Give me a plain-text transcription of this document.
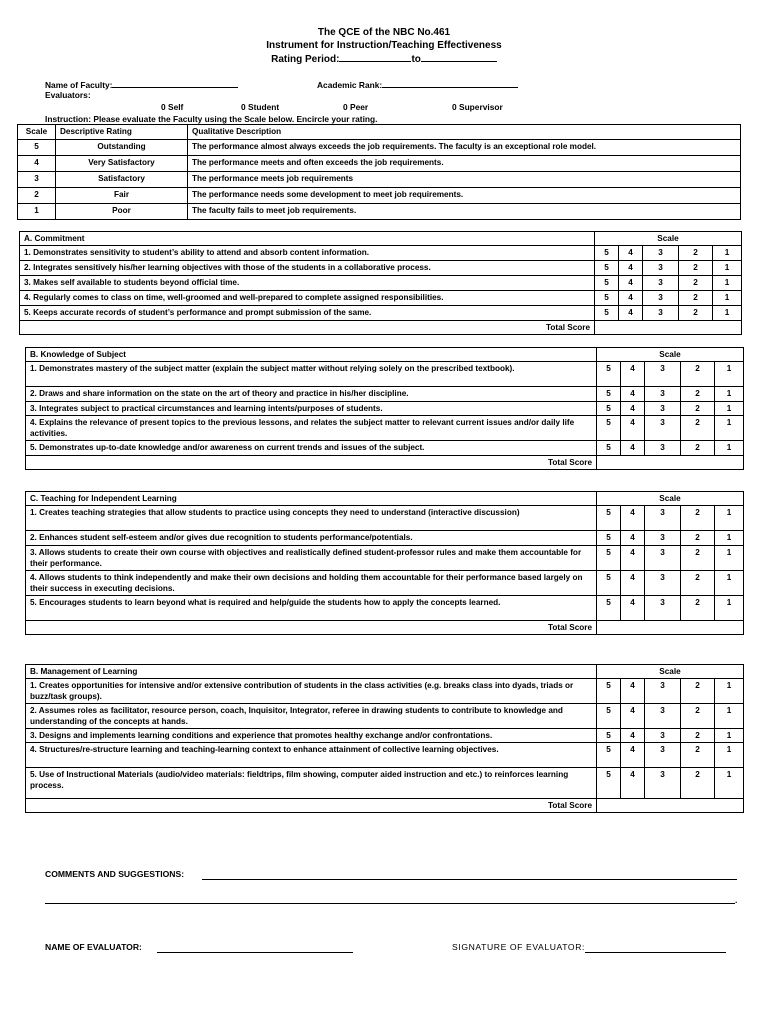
The QCE of the NBC No.461
Instrument for Instruction/Teaching Effectiveness
Rating Period:	to
Name of Faculty:	Academic Rank:
Evaluators:
0 Self	0 Student	0 Peer	0 Supervisor
Instruction: Please evaluate the Faculty using the Scale below. Encircle your rating.
Scale	Descriptive Rating	Qualitative Description
5	Outstanding	The performance almost always exceeds the job requirements. The faculty is an exceptional role model.
4	Very Satisfactory	The performance meets and often exceeds the job requirements.
3	Satisfactory	The performance meets job requirements
2	Fair	The performance needs some development to meet job requirements.
1	Poor	The faculty fails to meet job requirements.
A. Commitment	Scale				
1. Demonstrates sensitivity to student’s ability to attend and absorb content information.	5	4	3	2	1
2. Integrates sensitively his/her learning objectives with those of the students in a collaborative process.	5	4	3	2	1
3. Makes self available to students beyond official time.	5	4	3	2	1
4. Regularly comes to class on time, well-groomed and well-prepared to complete assigned responsibilities.	5	4	3	2	1
5. Keeps accurate records of student’s performance and prompt submission of the same.	5	4	3	2	1
Total Score					
B. Knowledge of Subject	Scale				
1. Demonstrates mastery of the subject matter (explain the subject matter without relying solely on the prescribed textbook).	5	4	3	2	1
2. Draws and share information on the state on the art of theory and practice in his/her discipline.	5	4	3	2	1
3. Integrates subject to practical circumstances and learning intents/purposes of students.	5	4	3	2	1
4. Explains the relevance of present topics to the previous lessons, and relates the subject matter to relevant current issues and/or daily life activities.	5	4	3	2	1
5. Demonstrates up-to-date knowledge and/or awareness on current trends and issues of the subject.	5	4	3	2	1
Total Score					
C. Teaching for Independent Learning	Scale				
1. Creates teaching strategies that allow students to practice using concepts they need to understand (interactive discussion)	5	4	3	2	1
2. Enhances student self-esteem and/or gives due recognition to students performance/potentials.	5	4	3	2	1
3. Allows students to create their own course with objectives and realistically defined student-professor rules and make them accountable for their performance.	5	4	3	2	1
4. Allows students to think independently and make their own decisions and holding them accountable for their performance based largely on their success in executing decisions.	5	4	3	2	1
5. Encourages students to learn beyond what is required and help/guide the students how to apply the concepts learned.	5	4	3	2	1
Total Score					
B. Management of Learning	Scale				
1. Creates opportunities for intensive and/or extensive contribution of students in the class activities (e.g. breaks class into dyads, triads or buzz/task groups).	5	4	3	2	1
2. Assumes roles as facilitator, resource person, coach, Inquisitor, Integrator, referee in drawing students to contribute to knowledge and understanding of the concepts at hands.	5	4	3	2	1
3. Designs and implements learning conditions and experience that promotes healthy exchange and/or confrontations.	5	4	3	2	1
4. Structures/re-structure learning and teaching-learning context to enhance attainment of collective learning objectives.	5	4	3	2	1
5. Use of Instructional Materials (audio/video materials: fieldtrips, film showing, computer aided instruction and etc.) to reinforces learning process.	5	4	3	2	1
Total Score					
COMMENTS AND SUGGESTIONS:
.
NAME OF EVALUATOR:	SIGNATURE OF EVALUATOR:
